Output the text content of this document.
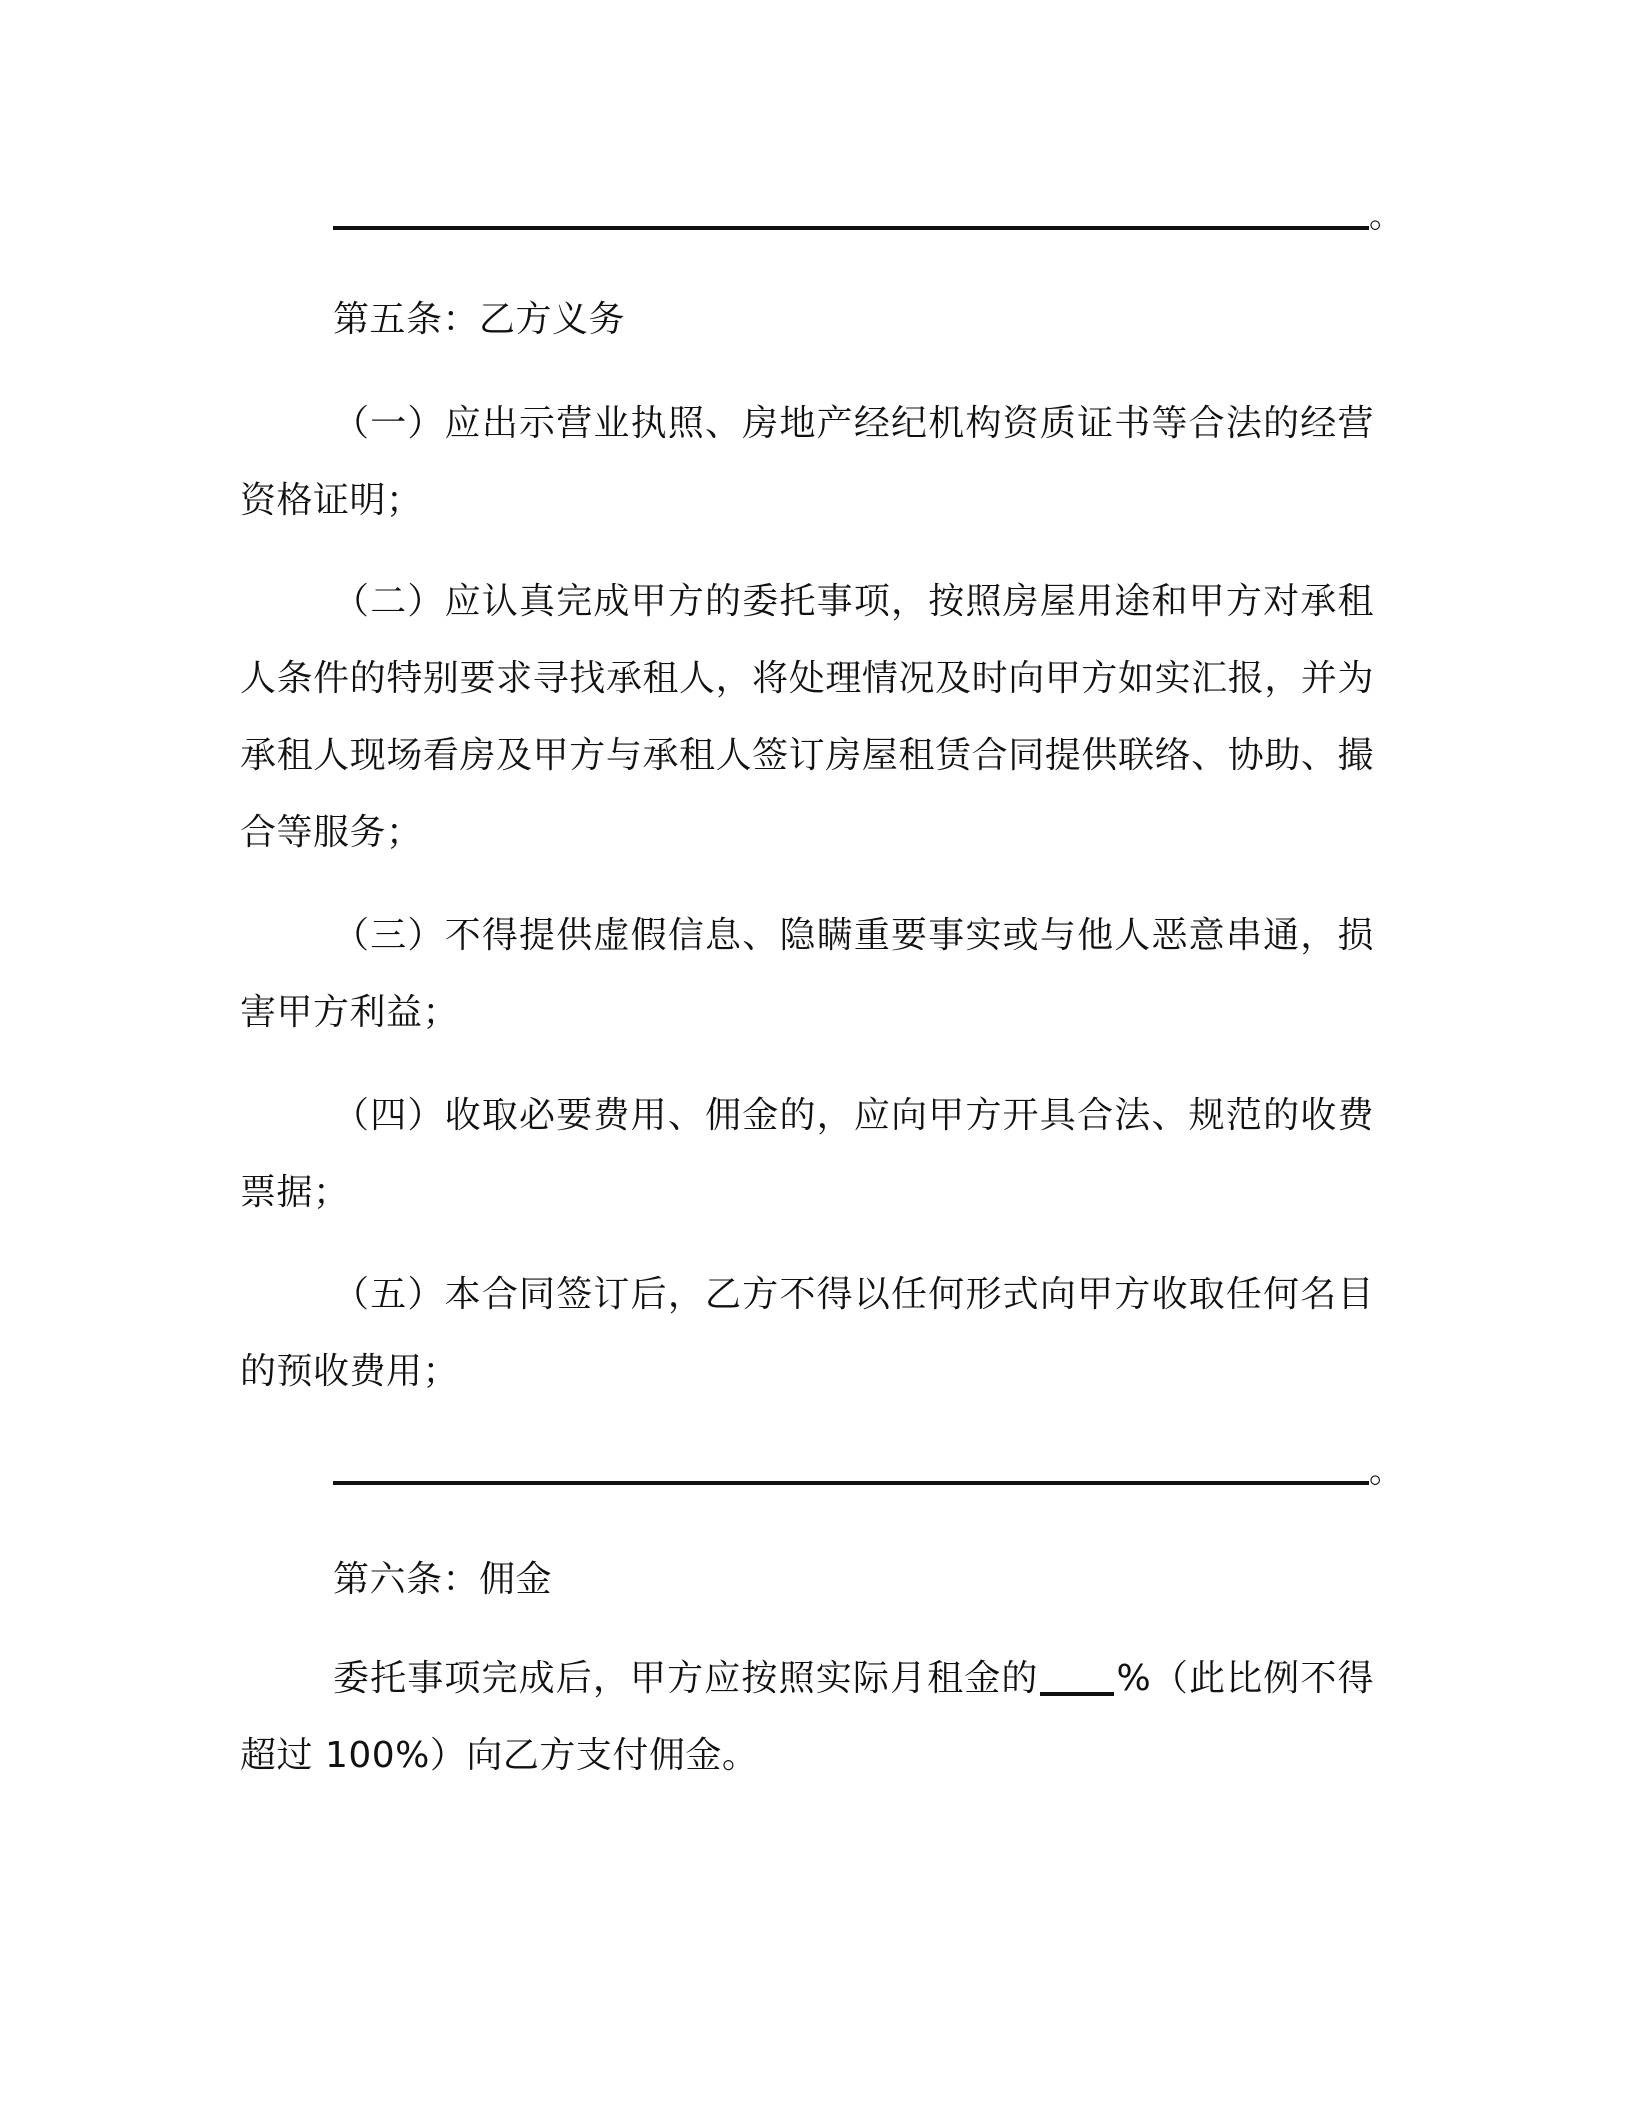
。
第五条：乙方义务
（一）应出示营业执照、房地产经纪机构资质证书等合法的经营资格证明；
（二）应认真完成甲方的委托事项，按照房屋用途和甲方对承租人条件的特别要求寻找承租人，将处理情况及时向甲方如实汇报，并为承租人现场看房及甲方与承租人签订房屋租赁合同提供联络、协助、撮合等服务；
（三）不得提供虚假信息、隐瞒重要事实或与他人恶意串通，损害甲方利益；
（四）收取必要费用、佣金的，应向甲方开具合法、规范的收费票据；
（五）本合同签订后，乙方不得以任何形式向甲方收取任何名目的预收费用；
。
第六条：佣金
委托事项完成后，甲方应按照实际月租金的 %（此比例不得超过 100%）向乙方支付佣金。
